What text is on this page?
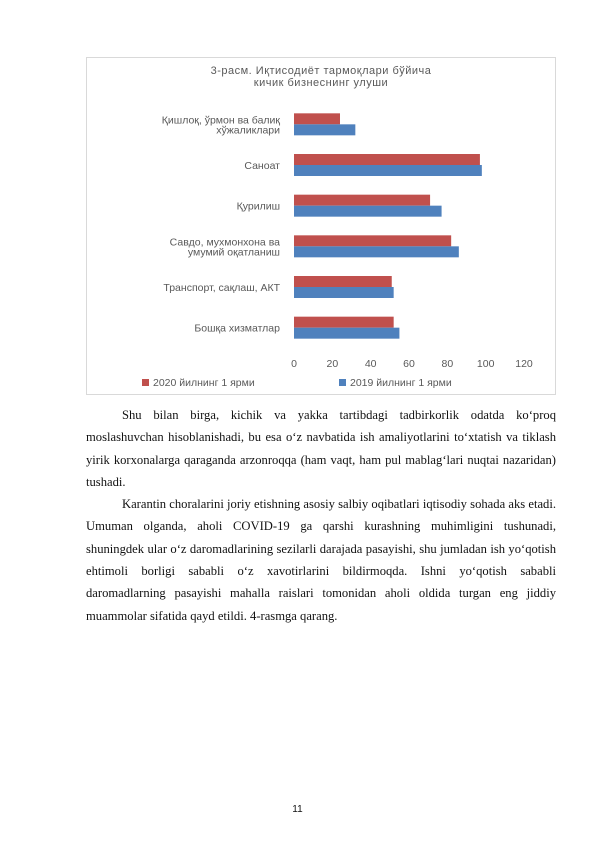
3-расм. Иқтисодиёт тармоқлари бўйича
кичик бизнеснинг улуши
Қишлоқ, ўрмон ва балиқ хўжаликлари
Саноат
Қурилиш
Савдо, мухмонхона ва умумий оқатланиш
Транспорт, сақлаш, АКТ
Бошқа хизматлар
0	20	40	60	80 100 120
2020 йилнинг 1 ярми	2019 йилнинг 1 ярми

Shu bilan birga, kichik va yakka tartibdagi tadbirkorlik odatda ko‘proq moslashuvchan hisoblanishadi, bu esa o‘z navbatida ish amaliyotlarini to‘xtatish va tiklash yirik korxonalarga qaraganda arzonroqqa (ham vaqt, ham pul mablag‘lari nuqtai nazaridan) tushadi.

Karantin choralarini joriy etishning asosiy salbiy oqibatlari iqtisodiy sohada aks etadi. Umuman olganda, aholi COVID-19 ga qarshi kurashning muhimligini tushunadi, shuningdek ular o‘z daromadlarining sezilarli darajada pasayishi, shu jumladan ish yo‘qotish ehtimoli borligi sababli o‘z xavotirlarini bildirmoqda. Ishni yo‘qotish sababli daromadlarning pasayishi mahalla raislari tomonidan aholi oldida turgan eng jiddiy muammolar sifatida qayd etildi. 4-rasmga qarang.

11
